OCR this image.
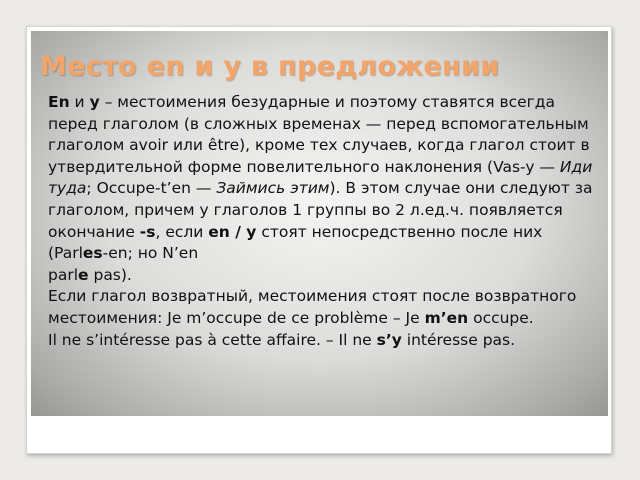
Место en и y в предложении

En и y – местоимения безударные и поэтому ставятся всегда перед глаголом (в сложных временах — перед вспомогательным глаголом avoir или être), кроме тех случаев, когда глагол стоит в утвердительной форме повелительного наклонения (Vas-y — Иди туда; Occupe-t’en — Займись этим). В этом случае они следуют за глаголом, причем у глаголов 1 группы во 2 л.ед.ч. появляется окончание -s, если en / y стоят непосредственно после них (Parles-en; но N’en
parle pas).

Если глагол возвратный, местоимения стоят после возвратного местоимения: Je m’occupe de ce problème – Je m’en occupe.

Il ne s’intéresse pas à cette affaire. – Il ne s’y intéresse pas.
